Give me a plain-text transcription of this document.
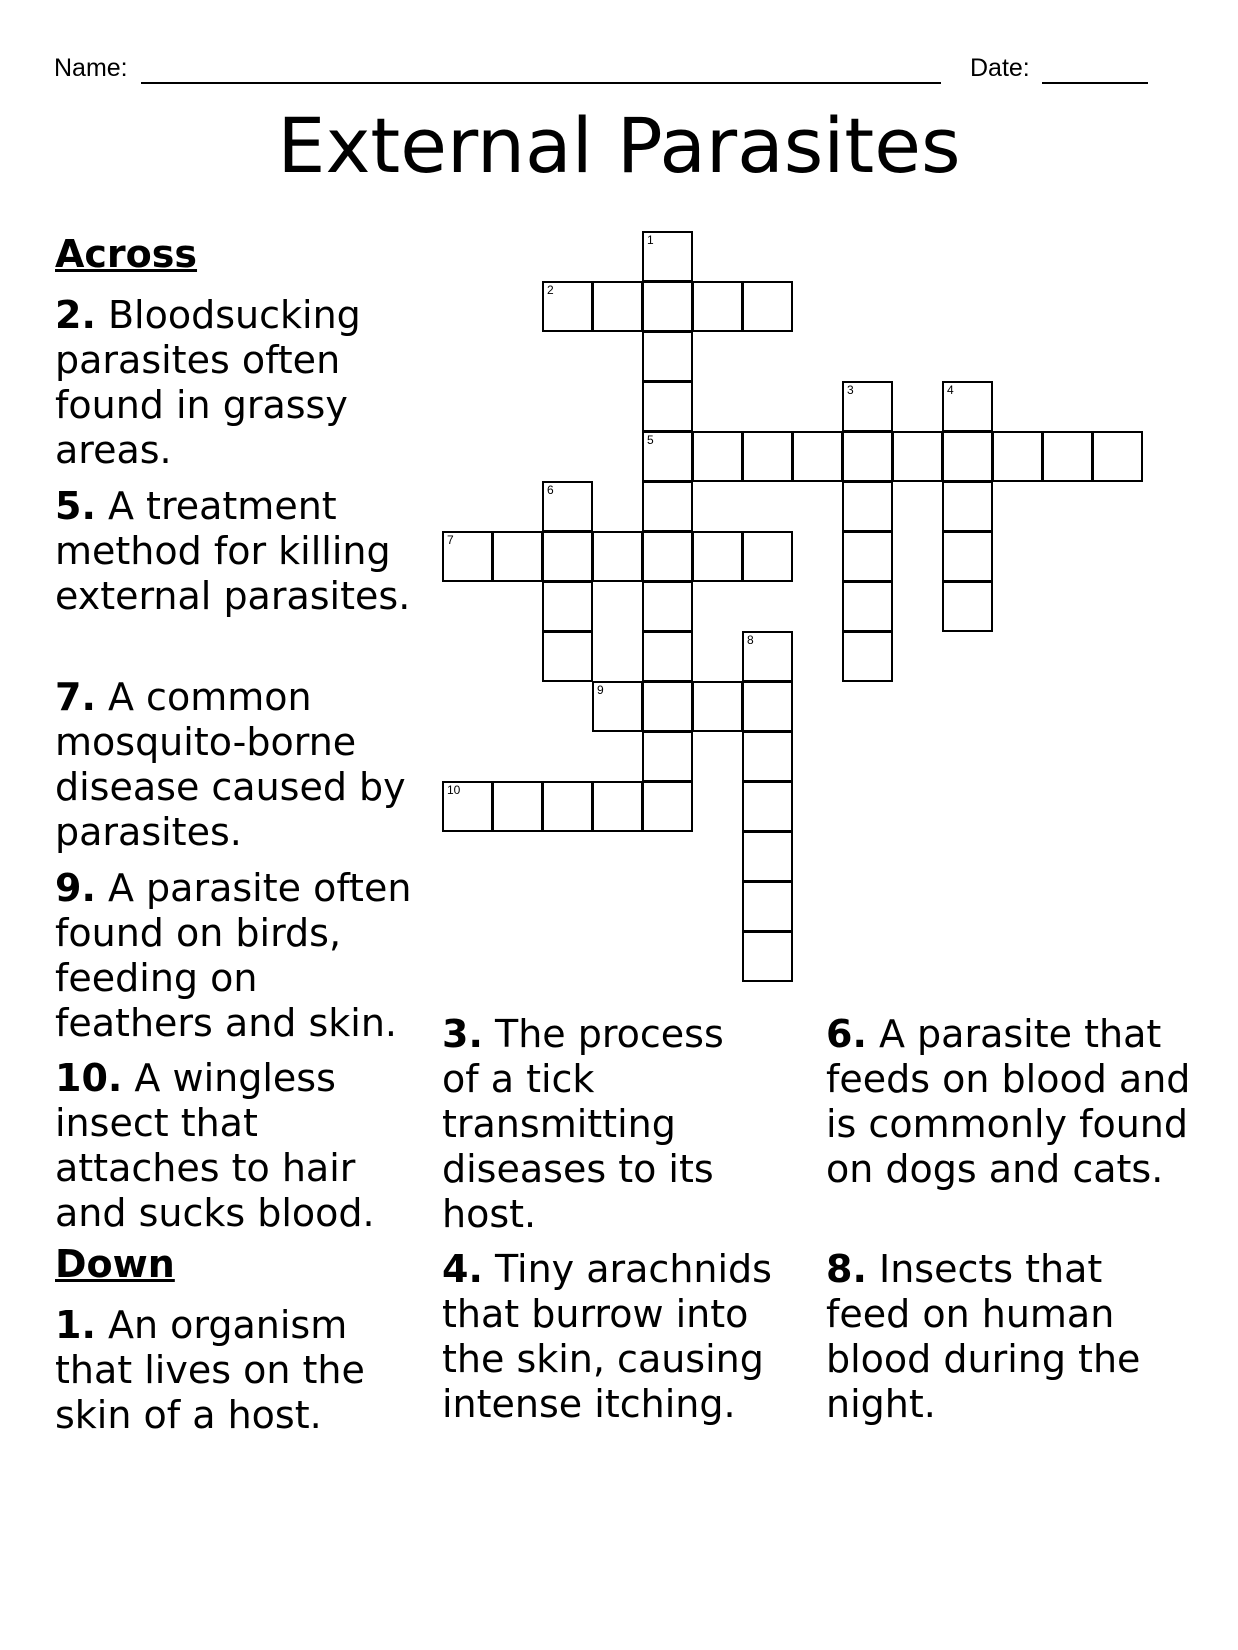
Name:	Date:
External Parasites
1
5
2
3	4
6
7
8
9
10
Across
2. Bloodsucking parasites often found in grassy areas.
5. A treatment method for killing external parasites.
7. A common mosquito-borne disease caused by parasites.
9. A parasite often found on birds, feeding on feathers and skin.
10. A wingless insect that attaches to hair and sucks blood.
Down
1. An organism that lives on the skin of a host.
3. The process of a tick transmitting diseases to its host.
4. Tiny arachnids that burrow into the skin, causing intense itching.
6. A parasite that feeds on blood and is commonly found on dogs and cats.
8. Insects that feed on human blood during the night.
